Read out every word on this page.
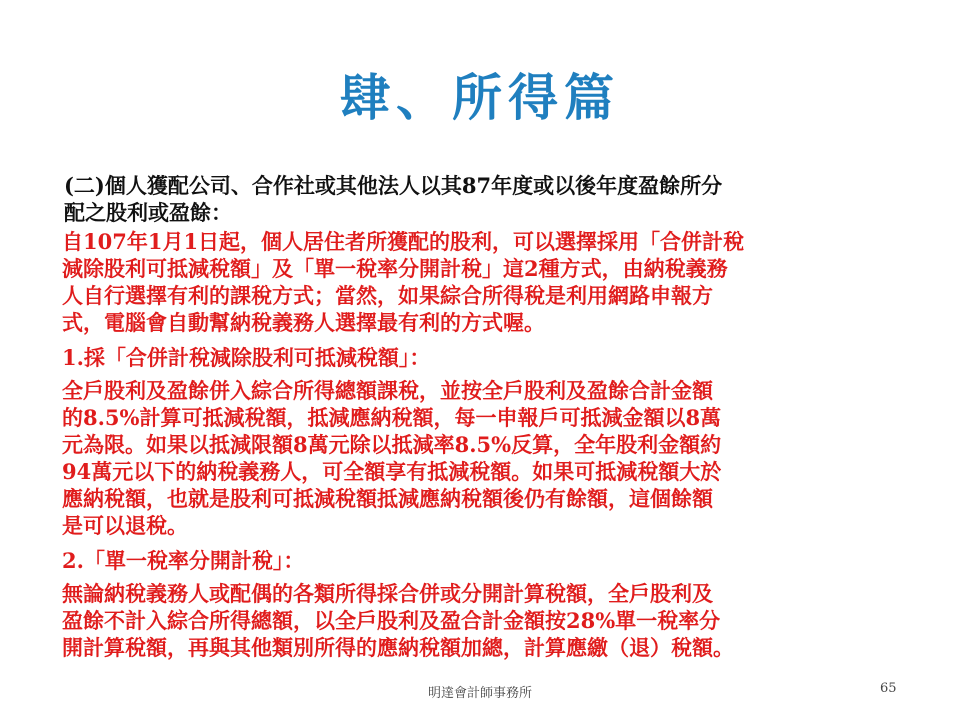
肆、所得篇
(二)個人獲配公司、合作社或其他法人以其87年度或以後年度盈餘所分
配之股利或盈餘：
自107年1月1日起，個人居住者所獲配的股利，可以選擇採用「合併計稅
減除股利可抵減稅額」及「單一稅率分開計稅」這2種方式，由納稅義務
人自行選擇有利的課稅方式；當然，如果綜合所得稅是利用網路申報方
式，電腦會自動幫納稅義務人選擇最有利的方式喔。
1.採「合併計稅減除股利可抵減稅額」：
全戶股利及盈餘併入綜合所得總額課稅，並按全戶股利及盈餘合計金額
的8.5%計算可抵減稅額，抵減應納稅額，每一申報戶可抵減金額以8萬
元為限。如果以抵減限額8萬元除以抵減率8.5%反算，全年股利金額約
94萬元以下的納稅義務人，可全額享有抵減稅額。如果可抵減稅額大於
應納稅額，也就是股利可抵減稅額抵減應納稅額後仍有餘額，這個餘額
是可以退稅。
2.「單一稅率分開計稅」：
無論納稅義務人或配偶的各類所得採合併或分開計算稅額，全戶股利及
盈餘不計入綜合所得總額，以全戶股利及盈合計金額按28%單一稅率分
開計算稅額，再與其他類別所得的應納稅額加總，計算應繳（退）稅額。
明達會計師事務所	65
